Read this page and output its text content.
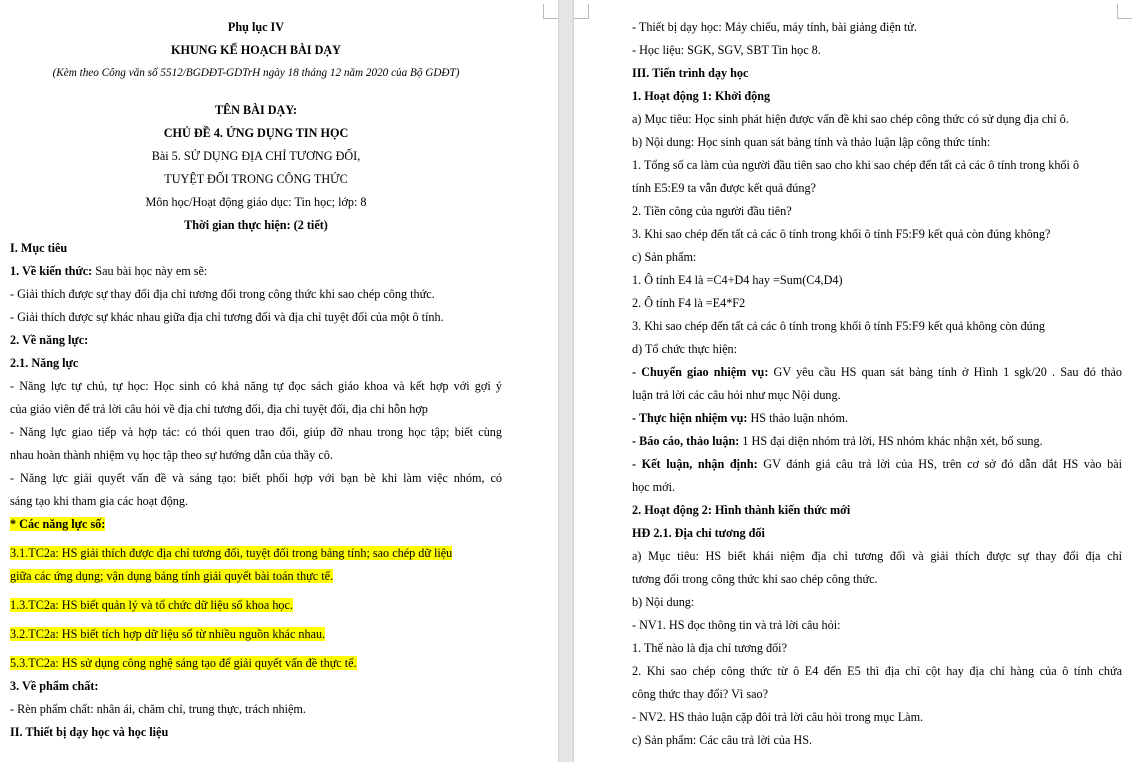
Phụ lục IV
KHUNG KẾ HOẠCH BÀI DẠY
(Kèm theo Công văn số 5512/BGDĐT-GDTrH ngày 18 tháng 12 năm 2020 của Bộ GDĐT)
TÊN BÀI DẠY:
CHỦ ĐỀ 4. ỨNG DỤNG TIN HỌC
Bài 5. SỬ DỤNG ĐỊA CHỈ TƯƠNG ĐỐI,
TUYỆT ĐỐI TRONG CÔNG THỨC
Môn học/Hoạt động giáo dục: Tin học; lớp: 8
Thời gian thực hiện: (2 tiết)
I. Mục tiêu
1. Về kiến thức: Sau bài học này em sẽ:
- Giải thích được sự thay đổi địa chỉ tương đối trong công thức khi sao chép công thức.
- Giải thích được sự khác nhau giữa địa chỉ tương đối và địa chỉ tuyệt đối của một ô tính.
2. Về năng lực:
2.1. Năng lực
- Năng lực tự chủ, tự học: Học sinh có khả năng tự đọc sách giáo khoa và kết hợp với gợi ý
của giáo viên để trả lời câu hỏi về địa chỉ tương đối, địa chỉ tuyệt đối, địa chỉ hỗn hợp
- Năng lực giao tiếp và hợp tác: có thói quen trao đổi, giúp đỡ nhau trong học tập; biết cùng
nhau hoàn thành nhiệm vụ học tập theo sự hướng dẫn của thầy cô.
- Năng lực giải quyết vấn đề và sáng tạo: biết phối hợp với bạn bè khi làm việc nhóm, có
sáng tạo khi tham gia các hoạt động.
* Các năng lực số:
3.1.TC2a: HS giải thích được địa chỉ tương đối, tuyệt đối trong bảng tính; sao chép dữ liệu
giữa các ứng dụng; vận dụng bảng tính giải quyết bài toán thực tế.
1.3.TC2a: HS biết quản lý và tổ chức dữ liệu số khoa học.
3.2.TC2a: HS biết tích hợp dữ liệu số từ nhiều nguồn khác nhau.
5.3.TC2a: HS sử dụng công nghệ sáng tạo để giải quyết vấn đề thực tế.
3. Về phẩm chất:
- Rèn phẩm chất: nhân ái, chăm chỉ, trung thực, trách nhiệm.
II. Thiết bị dạy học và học liệu
- Thiết bị dạy học: Máy chiếu, máy tính, bài giảng điện tử.
- Học liệu: SGK, SGV, SBT Tin học 8.
III. Tiến trình dạy học
1. Hoạt động 1: Khởi động
a) Mục tiêu: Học sinh phát hiện được vấn đề khi sao chép công thức có sử dụng địa chỉ ô.
b) Nội dung: Học sinh quan sát bảng tính và thảo luận lập công thức tính:
1. Tổng số ca làm của người đầu tiên sao cho khi sao chép đến tất cả các ô tính trong khối ô
tính E5:E9 ta vẫn được kết quả đúng?
2. Tiền công của người đầu tiên?
3. Khi sao chép đến tất cả các ô tính trong khối ô tính F5:F9 kết quả còn đúng không?
c) Sản phẩm:
1. Ô tính E4 là =C4+D4 hay =Sum(C4,D4)
2. Ô tính F4 là =E4*F2
3. Khi sao chép đến tất cả các ô tính trong khối ô tính F5:F9 kết quả không còn đúng
d) Tổ chức thực hiện:
- Chuyển giao nhiệm vụ: GV yêu cầu HS quan sát bảng tính ở Hình 1 sgk/20 . Sau đó thảo
luận trả lời các câu hỏi như mục Nội dung.
- Thực hiện nhiệm vụ: HS thảo luận nhóm.
- Báo cáo, thảo luận: 1 HS đại diện nhóm trả lời, HS nhóm khác nhận xét, bổ sung.
- Kết luận, nhận định: GV đánh giá câu trả lời của HS, trên cơ sở đó dẫn dắt HS vào bài
học mới.
2. Hoạt động 2: Hình thành kiến thức mới
HĐ 2.1. Địa chỉ tương đối
a) Mục tiêu: HS biết khái niệm địa chỉ tương đối và giải thích được sự thay đổi địa chỉ
tương đối trong công thức khi sao chép công thức.
b) Nội dung:
- NV1. HS đọc thông tin và trả lời câu hỏi:
1. Thế nào là địa chỉ tương đối?
2. Khi sao chép công thức từ ô E4 đến E5 thì địa chỉ cột hay địa chỉ hàng của ô tính chứa
công thức thay đổi? Vì sao?
- NV2. HS thảo luận cặp đôi trả lời câu hỏi trong mục Làm.
c) Sản phẩm: Các câu trả lời của HS.
